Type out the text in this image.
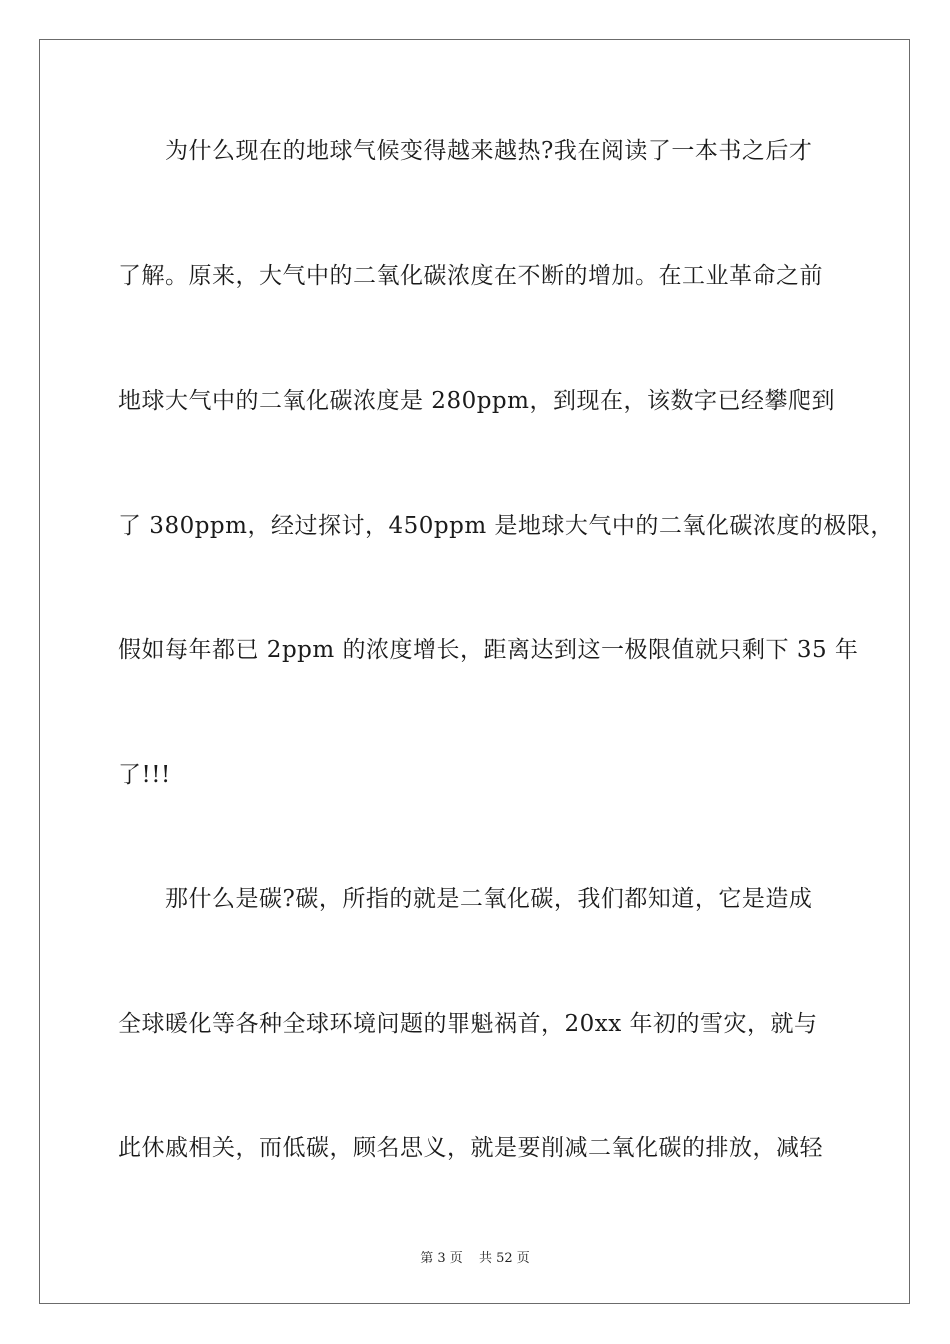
为什么现在的地球气候变得越来越热?我在阅读了一本书之后才
了解。原来，大气中的二氧化碳浓度在不断的增加。在工业革命之前
地球大气中的二氧化碳浓度是 280ppm，到现在，该数字已经攀爬到
了 380ppm，经过探讨，450ppm 是地球大气中的二氧化碳浓度的极限，
假如每年都已 2ppm 的浓度增长，距离达到这一极限值就只剩下 35 年
了!!!
那什么是碳?碳，所指的就是二氧化碳，我们都知道，它是造成
全球暖化等各种全球环境问题的罪魁祸首，20xx 年初的雪灾，就与
此休戚相关，而低碳，顾名思义，就是要削减二氧化碳的排放，减轻
第 3 页 共 52 页
